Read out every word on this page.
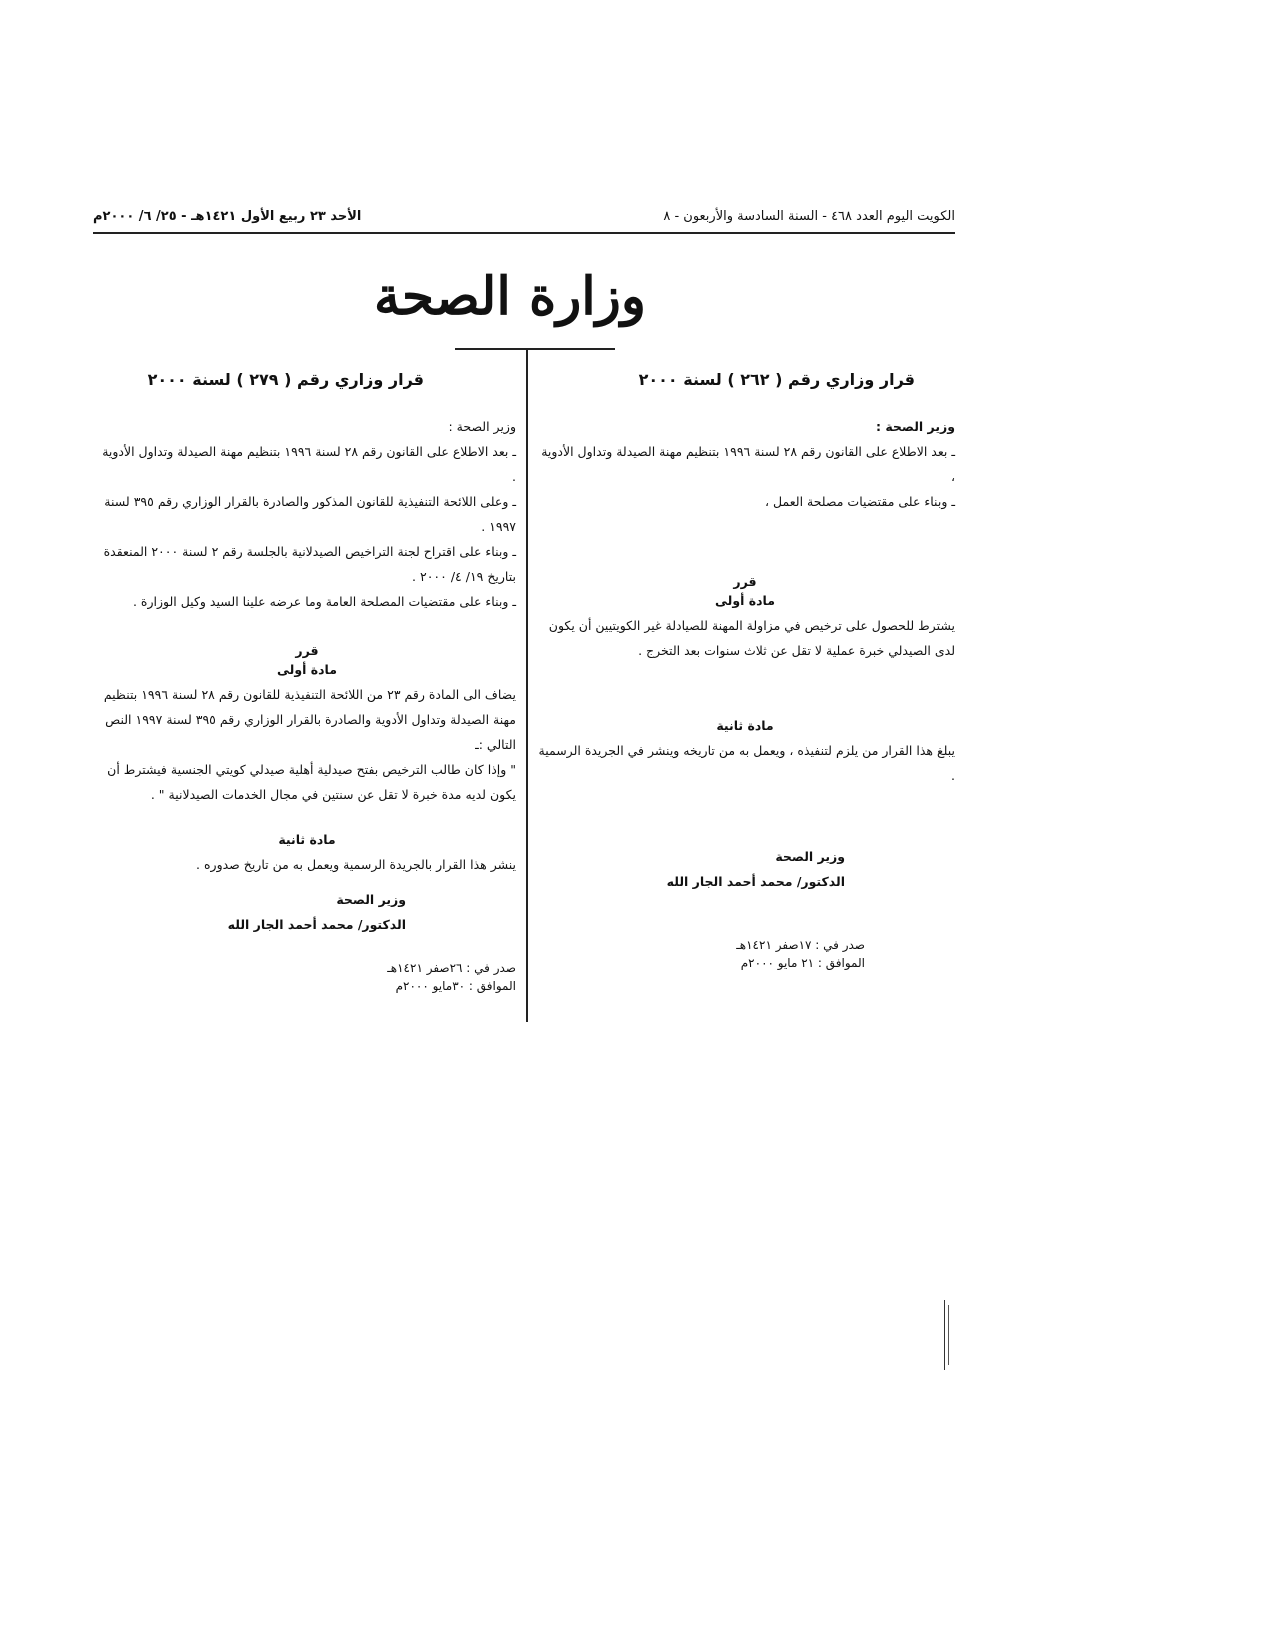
الكويت اليوم العدد ٤٦٨ - السنة السادسة والأربعون - ٨
الأحد ٢٣ ربيع الأول ١٤٢١هـ - ٢٥/ ٦/ ٢٠٠٠م
وزارة الصحة
قرار وزاري رقم ( ٢٦٢ ) لسنة ٢٠٠٠

وزير الصحة :

ـ بعد الاطلاع على القانون رقم ٢٨ لسنة ١٩٩٦ بتنظيم مهنة الصيدلة وتداول الأدوية ،

ـ وبناء على مقتضيات مصلحة العمل ،

قرر

مادة أولى

يشترط للحصول على ترخيص في مزاولة المهنة للصيادلة غير الكويتيين أن يكون لدى الصيدلي خبرة عملية لا تقل عن ثلاث سنوات بعد التخرج .

مادة ثانية

يبلغ هذا القرار من يلزم لتنفيذه ، ويعمل به من تاريخه وينشر في الجريدة الرسمية .

وزير الصحة

الدكتور/ محمد أحمد الجار الله

صدر في : ١٧صفر ١٤٢١هـ

الموافق : ٢١ مايو ٢٠٠٠م

قرار وزاري رقم ( ٢٧٩ ) لسنة ٢٠٠٠

وزير الصحة :

ـ بعد الاطلاع على القانون رقم ٢٨ لسنة ١٩٩٦ بتنظيم مهنة الصيدلة وتداول الأدوية .

ـ وعلى اللائحة التنفيذية للقانون المذكور والصادرة بالقرار الوزاري رقم ٣٩٥ لسنة ١٩٩٧ .

ـ وبناء على اقتراح لجنة التراخيص الصيدلانية بالجلسة رقم ٢ لسنة ٢٠٠٠ المنعقدة بتاريخ ١٩/ ٤/ ٢٠٠٠ .

ـ وبناء على مقتضيات المصلحة العامة وما عرضه علينا السيد وكيل الوزارة .

قرر

مادة أولى

يضاف الى المادة رقم ٢٣ من اللائحة التنفيذية للقانون رقم ٢٨ لسنة ١٩٩٦ بتنظيم مهنة الصيدلة وتداول الأدوية والصادرة بالقرار الوزاري رقم ٣٩٥ لسنة ١٩٩٧ النص التالي :ـ

" وإذا كان طالب الترخيص بفتح صيدلية أهلية صيدلي كويتي الجنسية فيشترط أن يكون لديه مدة خبرة لا تقل عن سنتين في مجال الخدمات الصيدلانية " .

مادة ثانية

ينشر هذا القرار بالجريدة الرسمية ويعمل به من تاريخ صدوره .

وزير الصحة

الدكتور/ محمد أحمد الجار الله

صدر في : ٢٦صفر ١٤٢١هـ

الموافق : ٣٠مايو ٢٠٠٠م
